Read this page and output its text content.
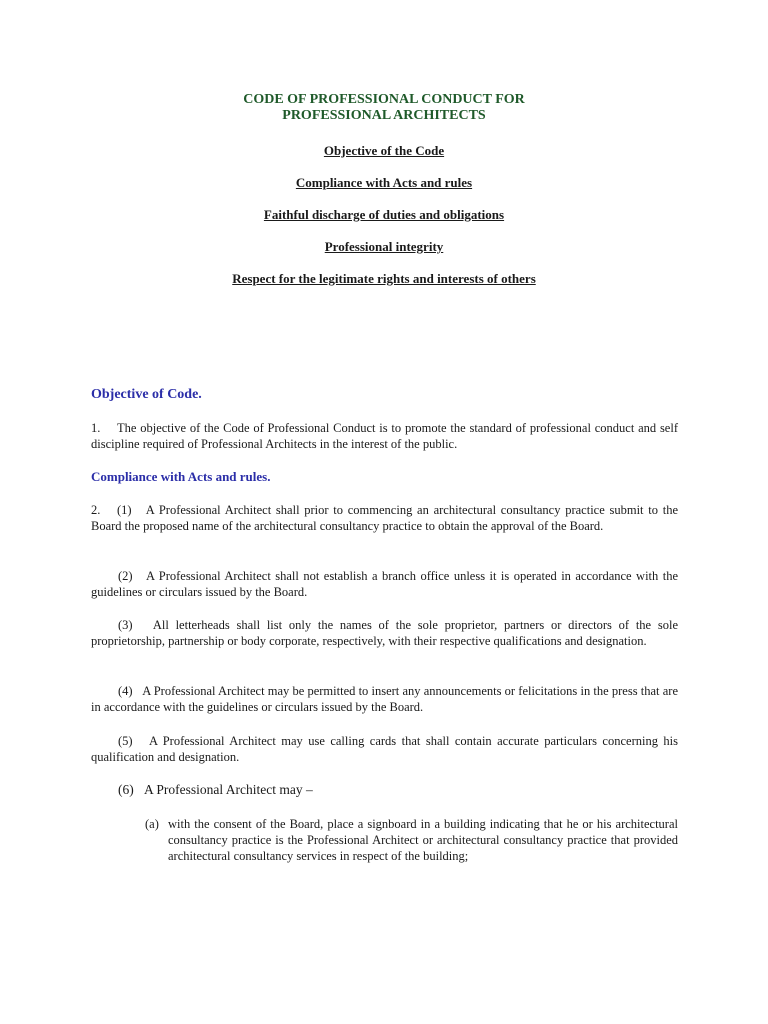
CODE OF PROFESSIONAL CONDUCT FOR
PROFESSIONAL ARCHITECTS
Objective of the Code
Compliance with Acts and rules
Faithful discharge of duties and obligations
Professional integrity
Respect for the legitimate rights and interests of others
Objective of Code.
1. The objective of the Code of Professional Conduct is to promote the standard of professional conduct and self discipline required of Professional Architects in the interest of the public.
Compliance with Acts and rules.
2. (1) A Professional Architect shall prior to commencing an architectural consultancy practice submit to the Board the proposed name of the architectural consultancy practice to obtain the approval of the Board.
(2) A Professional Architect shall not establish a branch office unless it is operated in accordance with the guidelines or circulars issued by the Board.
(3) All letterheads shall list only the names of the sole proprietor, partners or directors of the sole proprietorship, partnership or body corporate, respectively, with their respective qualifications and designation.
(4) A Professional Architect may be permitted to insert any announcements or felicitations in the press that are in accordance with the guidelines or circulars issued by the Board.
(5) A Professional Architect may use calling cards that shall contain accurate particulars concerning his qualification and designation.
(6) A Professional Architect may –
(a) with the consent of the Board, place a signboard in a building indicating that he or his architectural consultancy practice is the Professional Architect or architectural consultancy practice that provided architectural consultancy services in respect of the building;
